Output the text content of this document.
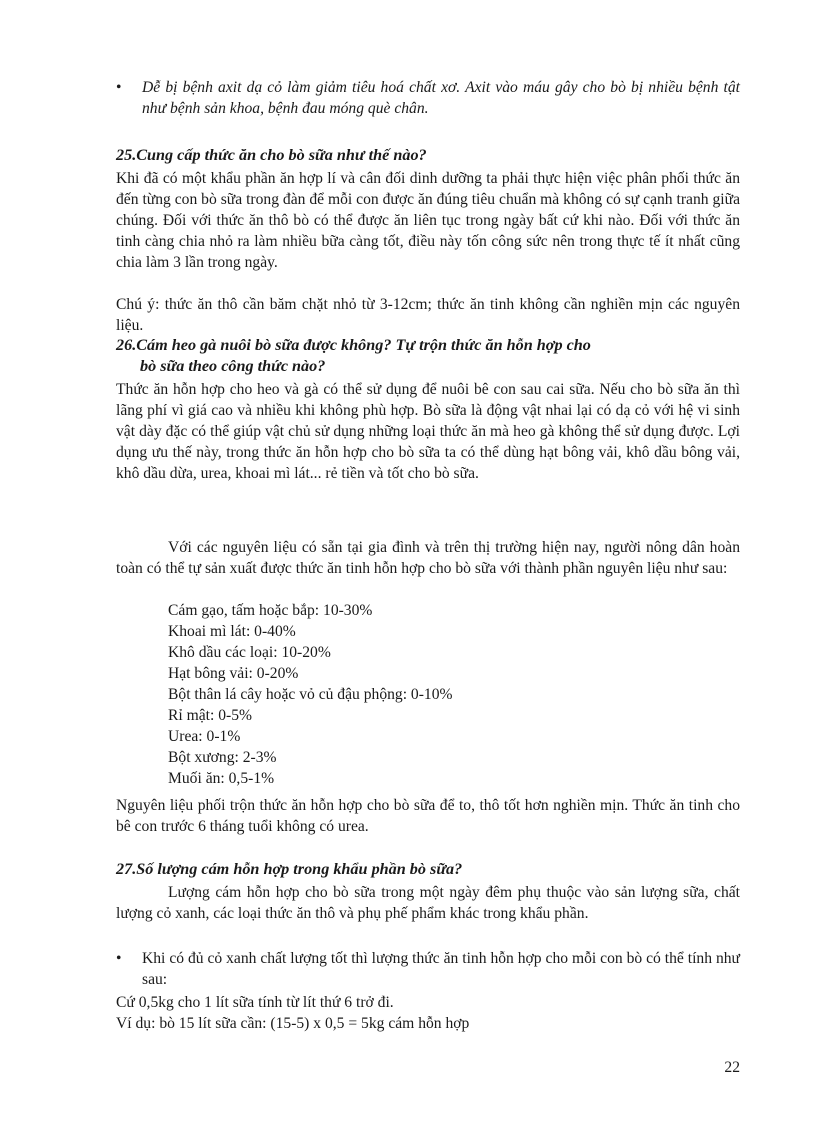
•	Dễ bị bệnh axit dạ cỏ làm giảm tiêu hoá chất xơ. Axit vào máu gây cho bò bị nhiều bệnh tật như bệnh sản khoa, bệnh đau móng què chân.
25.Cung cấp thức ăn cho bò sữa như thế nào?
Khi đã có một khẩu phần ăn hợp lí và cân đối dinh dưỡng ta phải thực hiện việc phân phối thức ăn đến từng con bò sữa trong đàn để mỗi con được ăn đúng tiêu chuẩn mà không có sự cạnh tranh giữa chúng. Đối với thức ăn thô bò có thể được ăn liên tục trong ngày bất cứ khi nào. Đối với thức ăn tinh càng chia nhỏ ra làm nhiều bữa càng tốt, điều này tốn công sức nên trong thực tế ít nhất cũng chia làm 3 lần trong ngày.
Chú ý: thức ăn thô cần băm chặt nhỏ từ 3-12cm; thức ăn tinh không cần nghiền mịn các nguyên liệu.
26.Cám heo gà nuôi bò sữa được không? Tự trộn thức ăn hỗn hợp cho
bò sữa theo công thức nào?
Thức ăn hỗn hợp cho heo và gà có thể sử dụng để nuôi bê con sau cai sữa. Nếu cho bò sữa ăn thì lãng phí vì giá cao và nhiều khi không phù hợp. Bò sữa là động vật nhai lại có dạ cỏ với hệ vi sinh vật dày đặc có thể giúp vật chủ sử dụng những loại thức ăn mà heo gà không thể sử dụng được. Lợi dụng ưu thế này, trong thức ăn hỗn hợp cho bò sữa ta có thể dùng hạt bông vải, khô dầu bông vải, khô dầu dừa, urea, khoai mì lát... rẻ tiền và tốt cho bò sữa.
Với các nguyên liệu có sẵn tại gia đình và trên thị trường hiện nay, người nông dân hoàn toàn có thể tự sản xuất được thức ăn tinh hỗn hợp cho bò sữa với thành phần nguyên liệu như sau:
Cám gạo, tấm hoặc bắp: 10-30%
Khoai mì lát: 0-40%
Khô dầu các loại: 10-20%
Hạt bông vải: 0-20%
Bột thân lá cây hoặc vỏ củ đậu phộng: 0-10%
Rỉ mật: 0-5%
Urea: 0-1%
Bột xương: 2-3%
Muối ăn: 0,5-1%
Nguyên liệu phối trộn thức ăn hỗn hợp cho bò sữa để to, thô tốt hơn nghiền mịn. Thức ăn tinh cho bê con trước 6 tháng tuổi không có urea.
27.Số lượng cám hỗn hợp trong khẩu phần bò sữa?
Lượng cám hỗn hợp cho bò sữa trong một ngày đêm phụ thuộc vào sản lượng sữa, chất lượng cỏ xanh, các loại thức ăn thô và phụ phế phẩm khác trong khẩu phần.
•	Khi có đủ cỏ xanh chất lượng tốt thì lượng thức ăn tinh hỗn hợp cho mỗi con bò có thể tính như sau:
Cứ 0,5kg cho 1 lít sữa tính từ lít thứ 6 trở đi.
Ví dụ: bò 15 lít sữa cần: (15-5) x 0,5 = 5kg cám hỗn hợp
22
